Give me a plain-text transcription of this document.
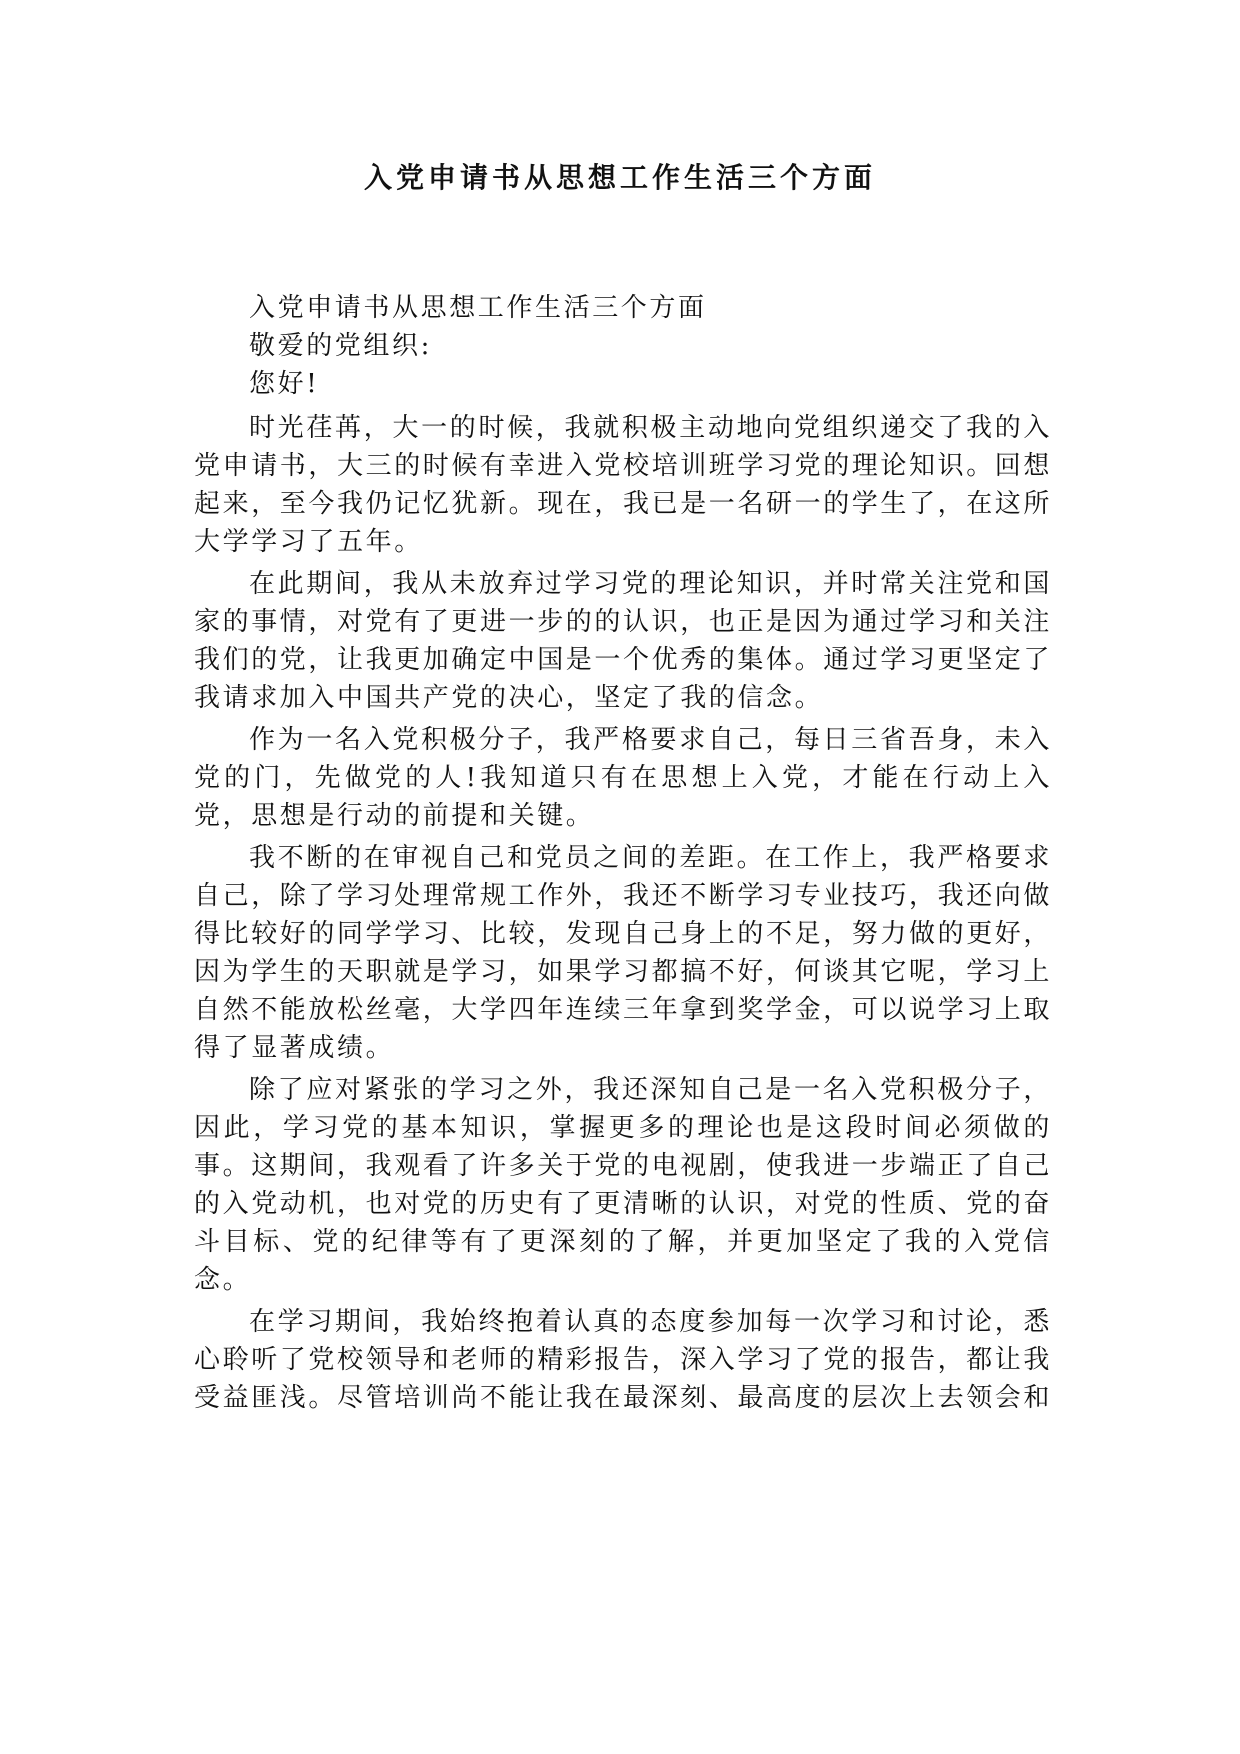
入党申请书从思想工作生活三个方面

入党申请书从思想工作生活三个方面

敬爱的党组织:

您好!

时光荏苒，大一的时候，我就积极主动地向党组织递交了我的入党申请书，大三的时候有幸进入党校培训班学习党的理论知识。回想起来，至今我仍记忆犹新。现在，我已是一名研一的学生了，在这所大学学习了五年。

在此期间，我从未放弃过学习党的理论知识，并时常关注党和国家的事情，对党有了更进一步的的认识，也正是因为通过学习和关注我们的党，让我更加确定中国是一个优秀的集体。通过学习更坚定了我请求加入中国共产党的决心，坚定了我的信念。

作为一名入党积极分子，我严格要求自己，每日三省吾身，未入党的门，先做党的人!我知道只有在思想上入党，才能在行动上入党，思想是行动的前提和关键。

我不断的在审视自己和党员之间的差距。在工作上，我严格要求自己，除了学习处理常规工作外，我还不断学习专业技巧，我还向做得比较好的同学学习、比较，发现自己身上的不足，努力做的更好，因为学生的天职就是学习，如果学习都搞不好，何谈其它呢，学习上自然不能放松丝毫，大学四年连续三年拿到奖学金，可以说学习上取得了显著成绩。

除了应对紧张的学习之外，我还深知自己是一名入党积极分子，因此，学习党的基本知识，掌握更多的理论也是这段时间必须做的事。这期间，我观看了许多关于党的电视剧，使我进一步端正了自己的入党动机，也对党的历史有了更清晰的认识，对党的性质、党的奋斗目标、党的纪律等有了更深刻的了解，并更加坚定了我的入党信念。

在学习期间，我始终抱着认真的态度参加每一次学习和讨论，悉心聆听了党校领导和老师的精彩报告，深入学习了党的报告，都让我受益匪浅。尽管培训尚不能让我在最深刻、最高度的层次上去领会和
